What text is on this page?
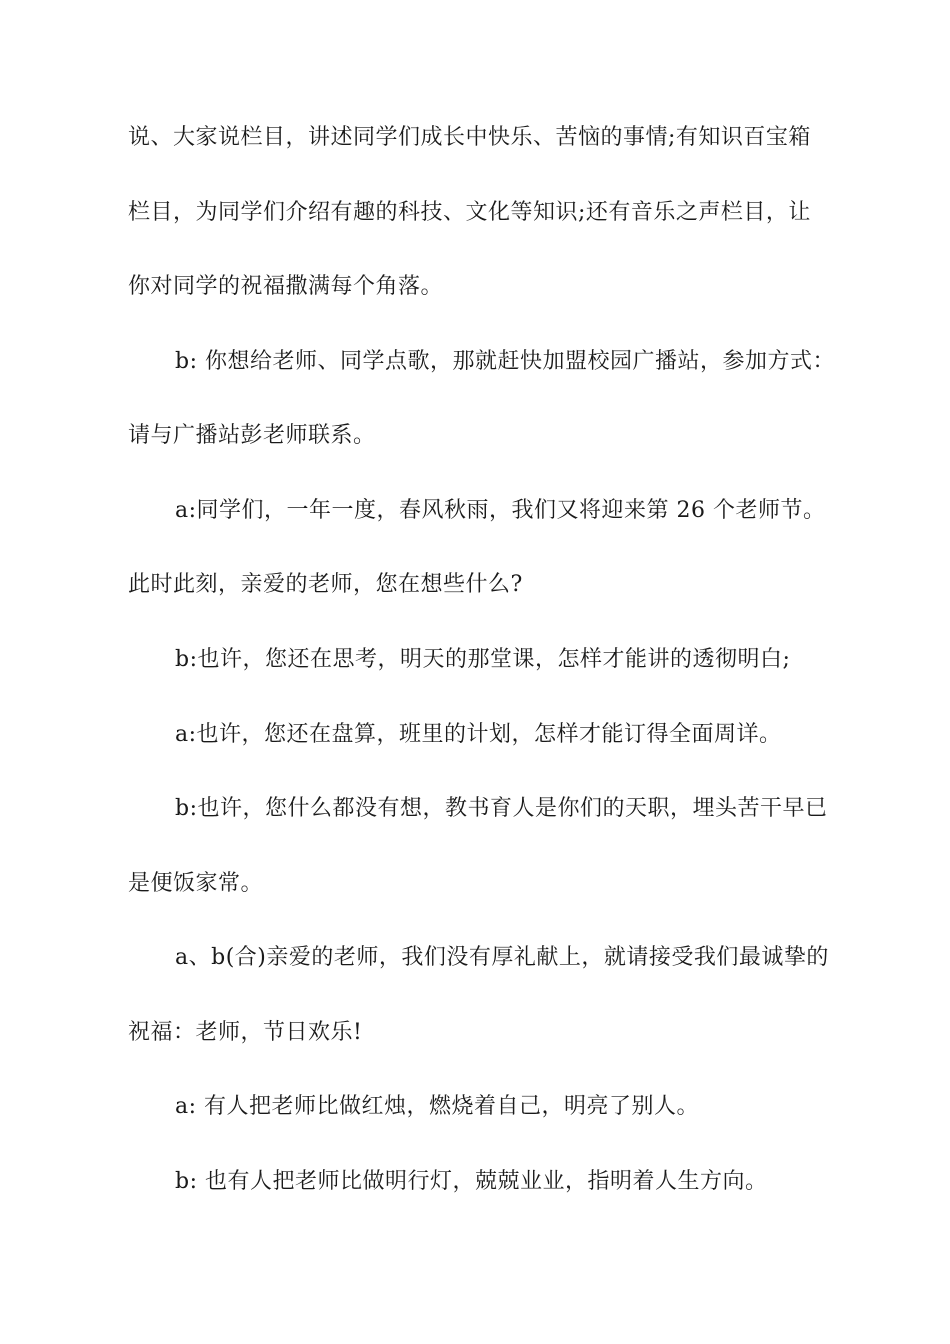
说、大家说栏目，讲述同学们成长中快乐、苦恼的事情;有知识百宝箱
栏目，为同学们介绍有趣的科技、文化等知识;还有音乐之声栏目，让
你对同学的祝福撒满每个角落。
b: 你想给老师、同学点歌，那就赶快加盟校园广播站，参加方式：
请与广播站彭老师联系。
a:同学们，一年一度，春风秋雨，我们又将迎来第 26 个老师节。
此时此刻，亲爱的老师，您在想些什么?
b:也许，您还在思考，明天的那堂课，怎样才能讲的透彻明白;
a:也许，您还在盘算，班里的计划，怎样才能订得全面周详。
b:也许，您什么都没有想，教书育人是你们的天职，埋头苦干早已
是便饭家常。
a、b(合)亲爱的老师，我们没有厚礼献上，就请接受我们最诚挚的
祝福：老师，节日欢乐!
a: 有人把老师比做红烛，燃烧着自己，明亮了别人。
b: 也有人把老师比做明行灯，兢兢业业，指明着人生方向。
